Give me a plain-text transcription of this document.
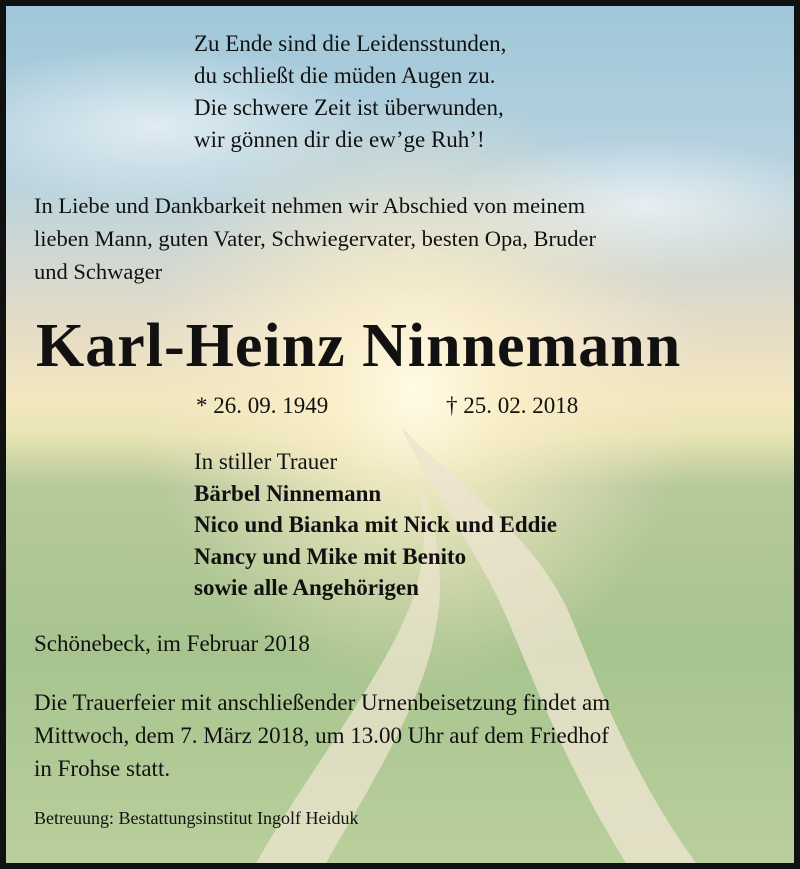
Zu Ende sind die Leidensstunden,
du schließt die müden Augen zu.
Die schwere Zeit ist überwunden,
wir gönnen dir die ew’ge Ruh’!
In Liebe und Dankbarkeit nehmen wir Abschied von meinem
lieben Mann, guten Vater, Schwiegervater, besten Opa, Bruder
und Schwager
Karl-Heinz Ninnemann
* 26. 09. 1949	† 25. 02. 2018
In stiller Trauer
Bärbel Ninnemann
Nico und Bianka mit Nick und Eddie
Nancy und Mike mit Benito
sowie alle Angehörigen
Schönebeck, im Februar 2018
Die Trauerfeier mit anschließender Urnenbeisetzung findet am
Mittwoch, dem 7. März 2018, um 13.00 Uhr auf dem Friedhof
in Frohse statt.
Betreuung: Bestattungsinstitut Ingolf Heiduk
